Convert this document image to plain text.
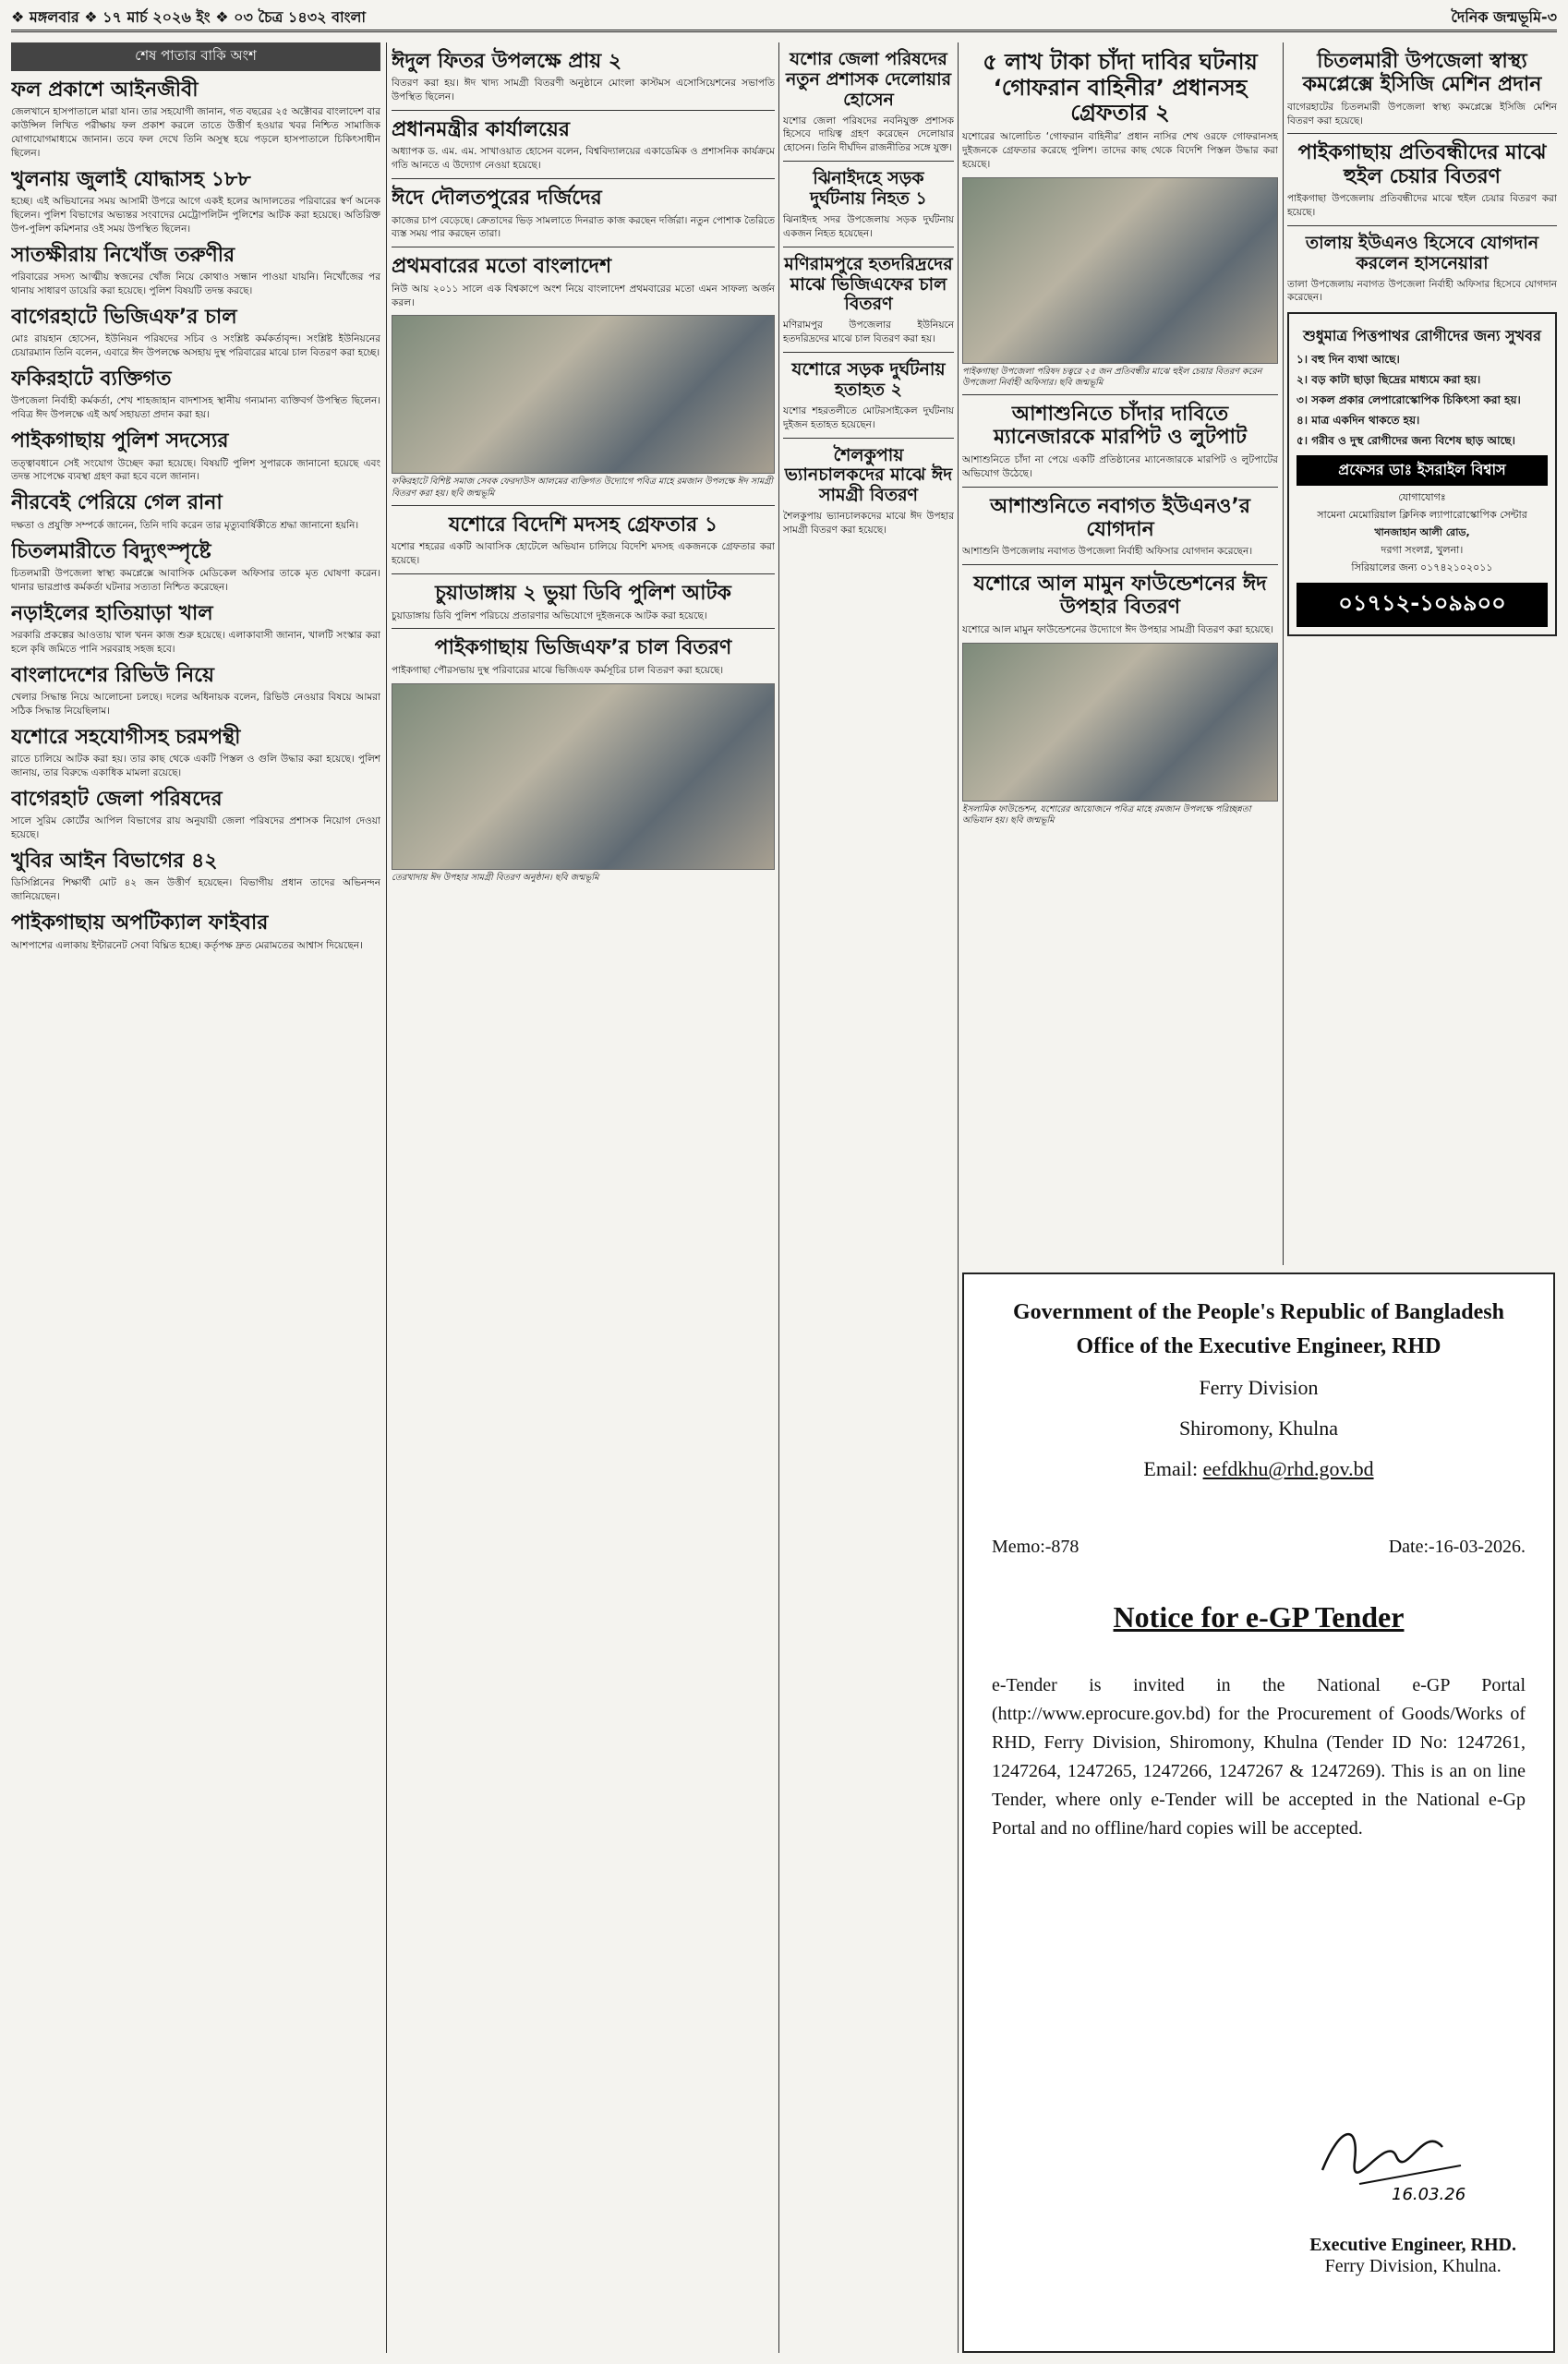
❖ মঙ্গলবার ❖ ১৭ মার্চ ২০২৬ ইং ❖ ০৩ চৈত্র ১৪৩২ বাংলা	দৈনিক জন্মভূমি-৩
শেষ পাতার বাকি অংশ
ফল প্রকাশে আইনজীবী

জেলখানে হাসপাতালে মারা যান। তার সহযোগী জানান, গত বছরের ২৫ অক্টোবর বাংলাদেশ বার কাউন্সিল লিখিত পরীক্ষায় ফল প্রকাশ করলে তাতে উত্তীর্ণ হওয়ার খবর নিশ্চিত সামাজিক যোগাযোগমাধ্যমে জানান। তবে ফল দেখে তিনি অসুস্থ হয়ে পড়লে হাসপাতালে চিকিৎসাধীন ছিলেন।

খুলনায় জুলাই যোদ্ধাসহ ১৮৮

হচ্ছে। এই অভিযানের সময় আসামী উপরে আগে একই হলের আদালতের পরিবারের স্বর্ণ অনেক ছিলেন। পুলিশ বিভাগের অভ্যন্তর সংবাদের মেট্রোপলিটন পুলিশের আটক করা হয়েছে। অতিরিক্ত উপ-পুলিশ কমিশনার ওই সময় উপস্থিত ছিলেন।

সাতক্ষীরায় নিখোঁজ তরুণীর

পরিবারের সদস্য আত্মীয় স্বজনের খোঁজ নিয়ে কোথাও সন্ধান পাওয়া যায়নি। নিখোঁজের পর থানায় সাধারণ ডায়েরি করা হয়েছে। পুলিশ বিষয়টি তদন্ত করছে।

বাগেরহাটে ভিজিএফ’র চাল

মোঃ রায়হান হোসেন, ইউনিয়ন পরিষদের সচিব ও সংশ্লিষ্ট কর্মকর্তাবৃন্দ। সংশ্লিষ্ট ইউনিয়নের চেয়ারম্যান তিনি বলেন, এবারে ঈদ উপলক্ষে অসহায় দুস্থ পরিবারের মাঝে চাল বিতরণ করা হচ্ছে।

ফকিরহাটে ব্যক্তিগত

উপজেলা নির্বাহী কর্মকর্তা, শেখ শাহজাহান বাদশাসহ স্থানীয় গন্যমান্য ব্যক্তিবর্গ উপস্থিত ছিলেন। পবিত্র ঈদ উপলক্ষে এই অর্থ সহায়তা প্রদান করা হয়।

পাইকগাছায় পুলিশ সদস্যের

তত্ত্বাবধানে সেই সংযোগ উচ্ছেদ করা হয়েছে। বিষয়টি পুলিশ সুপারকে জানানো হয়েছে এবং তদন্ত সাপেক্ষে ব্যবস্থা গ্রহণ করা হবে বলে জানান।

নীরবেই পেরিয়ে গেল রানা

দক্ষতা ও প্রযুক্তি সম্পর্কে জানেন, তিনি দাবি করেন তার মৃত্যুবার্ষিকীতে শ্রদ্ধা জানানো হয়নি।

চিতলমারীতে বিদ্যুৎস্পৃষ্টে

চিতলমারী উপজেলা স্বাস্থ্য কমপ্লেক্সে আবাসিক মেডিকেল অফিসার তাকে মৃত ঘোষণা করেন। থানার ভারপ্রাপ্ত কর্মকর্তা ঘটনার সত্যতা নিশ্চিত করেছেন।

নড়াইলের হাতিয়াড়া খাল

সরকারি প্রকল্পের আওতায় খাল খনন কাজ শুরু হয়েছে। এলাকাবাসী জানান, খালটি সংস্কার করা হলে কৃষি জমিতে পানি সরবরাহ সহজ হবে।

বাংলাদেশের রিভিউ নিয়ে

খেলার সিদ্ধান্ত নিয়ে আলোচনা চলছে। দলের অধিনায়ক বলেন, রিভিউ নেওয়ার বিষয়ে আমরা সঠিক সিদ্ধান্ত নিয়েছিলাম।

যশোরে সহযোগীসহ চরমপন্থী

রাতে চালিয়ে আটক করা হয়। তার কাছ থেকে একটি পিস্তল ও গুলি উদ্ধার করা হয়েছে। পুলিশ জানায়, তার বিরুদ্ধে একাধিক মামলা রয়েছে।

বাগেরহাট জেলা পরিষদের

সালে সুরিম কোর্টের আপিল বিভাগের রায় অনুযায়ী জেলা পরিষদের প্রশাসক নিয়োগ দেওয়া হয়েছে।

খুবির আইন বিভাগের ৪২

ডিসিপ্লিনের শিক্ষার্থী মোট ৪২ জন উত্তীর্ণ হয়েছেন। বিভাগীয় প্রধান তাদের অভিনন্দন জানিয়েছেন।

পাইকগাছায় অপটিক্যাল ফাইবার

আশপাশের এলাকায় ইন্টারনেট সেবা বিঘ্নিত হচ্ছে। কর্তৃপক্ষ দ্রুত মেরামতের আশ্বাস দিয়েছেন।

ঈদুল ফিতর উপলক্ষে প্রায় ২

বিতরণ করা হয়। ঈদ খাদ্য সামগ্রী বিতরণী অনুষ্ঠানে মোংলা কাস্টমস এসোসিয়েশনের সভাপতি উপস্থিত ছিলেন।

প্রধানমন্ত্রীর কার্যালয়ের

অধ্যাপক ড. এম. এম. সাখাওয়াত হোসেন বলেন, বিশ্ববিদ্যালয়ের একাডেমিক ও প্রশাসনিক কার্যক্রমে গতি আনতে এ উদ্যোগ নেওয়া হয়েছে।

ঈদে দৌলতপুরের দর্জিদের

কাজের চাপ বেড়েছে। ক্রেতাদের ভিড় সামলাতে দিনরাত কাজ করছেন দর্জিরা। নতুন পোশাক তৈরিতে ব্যস্ত সময় পার করছেন তারা।

প্রথমবারের মতো বাংলাদেশ

নিউ আয় ২০১১ সালে এক বিশ্বকাপে অংশ নিয়ে বাংলাদেশ প্রথমবারের মতো এমন সাফল্য অর্জন করল।

ফকিরহাটে বিশিষ্ট সমাজ সেবক ফেরদাউস আলমের ব্যক্তিগত উদ্যোগে পবিত্র মাহে রমজান উপলক্ষে ঈদ সামগ্রী বিতরণ করা হয়। ছবি জন্মভূমি
যশোরে বিদেশি মদসহ গ্রেফতার ১

যশোর শহরের একটি আবাসিক হোটেলে অভিযান চালিয়ে বিদেশি মদসহ একজনকে গ্রেফতার করা হয়েছে।

চুয়াডাঙ্গায় ২ ভুয়া ডিবি পুলিশ আটক

চুয়াডাঙ্গায় ডিবি পুলিশ পরিচয়ে প্রতারণার অভিযোগে দুইজনকে আটক করা হয়েছে।

পাইকগাছায় ভিজিএফ’র চাল বিতরণ

পাইকগাছা পৌরসভায় দুস্থ পরিবারের মাঝে ভিজিএফ কর্মসূচির চাল বিতরণ করা হয়েছে।

তেরখাদায় ঈদ উপহার সামগ্রী বিতরণ অনুষ্ঠান। ছবি জন্মভূমি
যশোর জেলা পরিষদের নতুন প্রশাসক দেলোয়ার হোসেন

যশোর জেলা পরিষদের নবনিযুক্ত প্রশাসক হিসেবে দায়িত্ব গ্রহণ করেছেন দেলোয়ার হোসেন। তিনি দীর্ঘদিন রাজনীতির সঙ্গে যুক্ত।

ঝিনাইদহে সড়ক দুর্ঘটনায় নিহত ১

ঝিনাইদহ সদর উপজেলায় সড়ক দুর্ঘটনায় একজন নিহত হয়েছেন।

মণিরামপুরে হতদরিদ্রদের মাঝে ভিজিএফের চাল বিতরণ

মণিরামপুর উপজেলার ইউনিয়নে হতদরিদ্রদের মাঝে চাল বিতরণ করা হয়।

যশোরে সড়ক দুর্ঘটনায় হতাহত ২

যশোর শহরতলীতে মোটরসাইকেল দুর্ঘটনায় দুইজন হতাহত হয়েছেন।

শৈলকুপায় ভ্যানচালকদের মাঝে ঈদ সামগ্রী বিতরণ

শৈলকুপায় ভ্যানচালকদের মাঝে ঈদ উপহার সামগ্রী বিতরণ করা হয়েছে।

৫ লাখ টাকা চাঁদা দাবির ঘটনায় ‘গোফরান বাহিনীর’ প্রধানসহ গ্রেফতার ২

যশোরের আলোচিত ‘গোফরান বাহিনীর’ প্রধান নাসির শেখ ওরফে গোফরানসহ দুইজনকে গ্রেফতার করেছে পুলিশ। তাদের কাছ থেকে বিদেশি পিস্তল উদ্ধার করা হয়েছে।

পাইকগাছা উপজেলা পরিষদ চত্বরে ২৫ জন প্রতিবন্ধীর মাঝে হুইল চেয়ার বিতরণ করেন উপজেলা নির্বাহী অফিসার। ছবি জন্মভূমি
আশাশুনিতে চাঁদার দাবিতে ম্যানেজারকে মারপিট ও লুটপাট

আশাশুনিতে চাঁদা না পেয়ে একটি প্রতিষ্ঠানের ম্যানেজারকে মারপিট ও লুটপাটের অভিযোগ উঠেছে।

আশাশুনিতে নবাগত ইউএনও’র যোগদান

আশাশুনি উপজেলায় নবাগত উপজেলা নির্বাহী অফিসার যোগদান করেছেন।

যশোরে আল মামুন ফাউন্ডেশনের ঈদ উপহার বিতরণ

যশোরে আল মামুন ফাউন্ডেশনের উদ্যোগে ঈদ উপহার সামগ্রী বিতরণ করা হয়েছে।

ইসলামিক ফাউন্ডেশন, যশোরের আয়োজনে পবিত্র মাহে রমজান উপলক্ষে পরিচ্ছন্নতা অভিযান হয়। ছবি জন্মভূমি
চিতলমারী উপজেলা স্বাস্থ্য কমপ্লেক্সে ইসিজি মেশিন প্রদান

বাগেরহাটের চিতলমারী উপজেলা স্বাস্থ্য কমপ্লেক্সে ইসিজি মেশিন বিতরণ করা হয়েছে।

পাইকগাছায় প্রতিবন্ধীদের মাঝে হুইল চেয়ার বিতরণ

পাইকগাছা উপজেলায় প্রতিবন্ধীদের মাঝে হুইল চেয়ার বিতরণ করা হয়েছে।

তালায় ইউএনও হিসেবে যোগদান করলেন হাসনেয়ারা

তালা উপজেলায় নবাগত উপজেলা নির্বাহী অফিসার হিসেবে যোগদান করেছেন।

শুধুমাত্র পিত্তপাথর রোগীদের জন্য সুখবর
১। বহু দিন ব্যথা আছে।
২। বড় কাটা ছাড়া ছিদ্রের মাধ্যমে করা হয়।
৩। সকল প্রকার লেপারোস্কোপিক চিকিৎসা করা হয়।
৪। মাত্র একদিন থাকতে হয়।
৫। গরীব ও দুস্থ রোগীদের জন্য বিশেষ ছাড় আছে।
প্রফেসর ডাঃ ইসরাইল বিশ্বাস
যোগাযোগঃ
সামেনা মেমোরিয়াল ক্লিনিক ল্যাপারোস্কোপিক সেন্টার
খানজাহান আলী রোড,
দরগা সংলগ্ন, খুলনা।
সিরিয়ালের জন্য ০১৭৪২১০২০১১
০১৭১২-১০৯৯০০
Government of the People's Republic of Bangladesh
Office of the Executive Engineer, RHD
Ferry Division
Shiromony, Khulna
Email: eefdkhu@rhd.gov.bd
Memo:-878	Date:-16-03-2026.
Notice for e-GP Tender
e-Tender is invited in the National e-GP Portal (http://www.eprocure.gov.bd) for the Procurement of Goods/Works of RHD, Ferry Division, Shiromony, Khulna (Tender ID No: 1247261, 1247264, 1247265, 1247266, 1247267 & 1247269). This is an on line Tender, where only e-Tender will be accepted in the National e-Gp Portal and no offline/hard copies will be accepted.
16.03.26
Executive Engineer, RHD.
Ferry Division, Khulna.
